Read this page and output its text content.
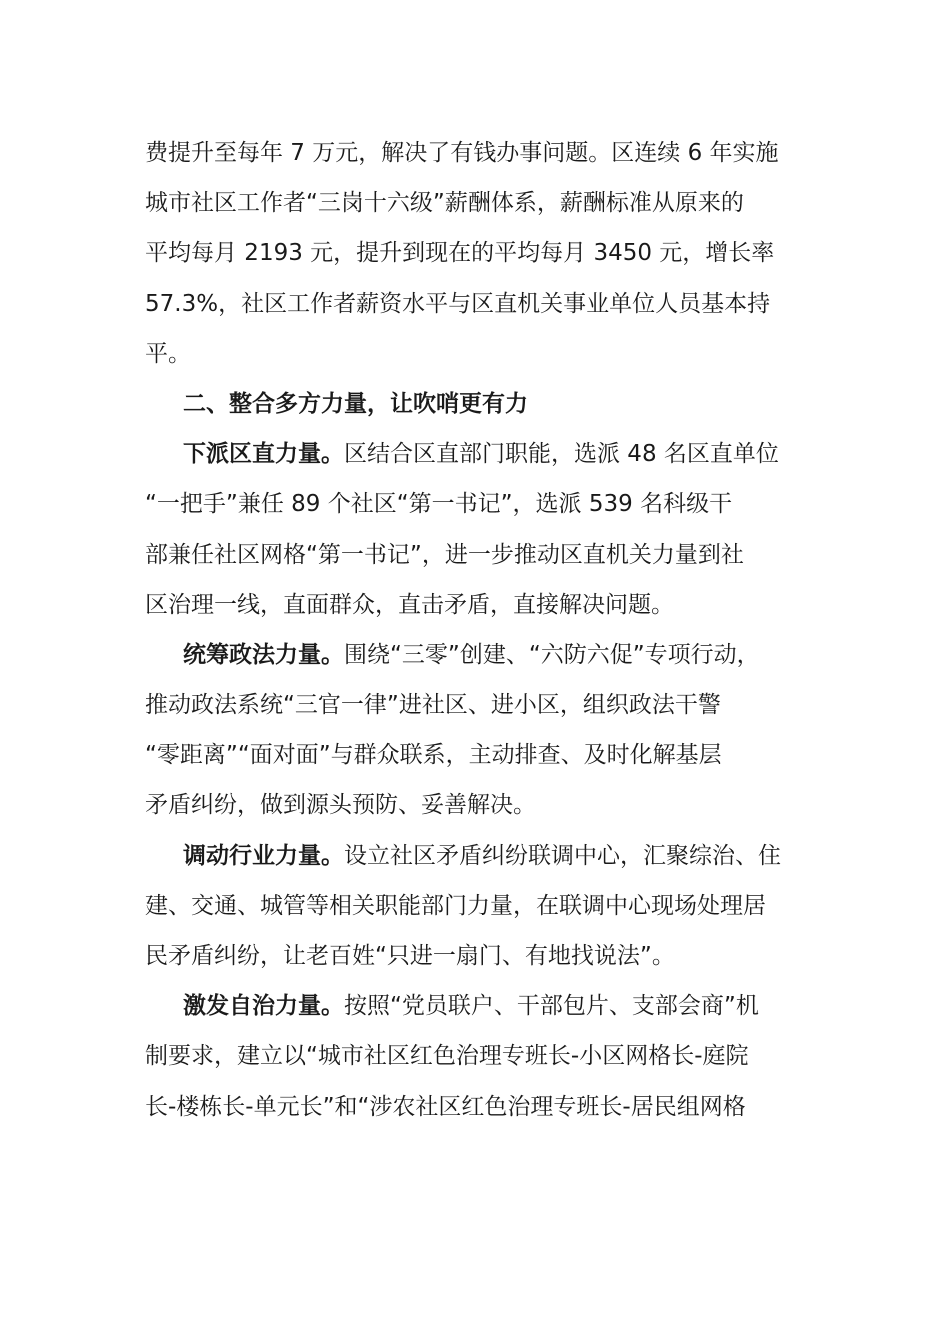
费提升至每年 7 万元，解决了有钱办事问题。区连续 6 年实施
城市社区工作者“三岗十六级”薪酬体系，薪酬标准从原来的
平均每月 2193 元，提升到现在的平均每月 3450 元，增长率
57.3%，社区工作者薪资水平与区直机关事业单位人员基本持
平。
二、整合多方力量，让吹哨更有力
下派区直力量。区结合区直部门职能，选派 48 名区直单位
“一把手”兼任 89 个社区“第一书记”，选派 539 名科级干
部兼任社区网格“第一书记”，进一步推动区直机关力量到社
区治理一线，直面群众，直击矛盾，直接解决问题。
统筹政法力量。围绕“三零”创建、“六防六促”专项行动，
推动政法系统“三官一律”进社区、进小区，组织政法干警
“零距离”“面对面”与群众联系，主动排查、及时化解基层
矛盾纠纷，做到源头预防、妥善解决。
调动行业力量。设立社区矛盾纠纷联调中心，汇聚综治、住
建、交通、城管等相关职能部门力量，在联调中心现场处理居
民矛盾纠纷，让老百姓“只进一扇门、有地找说法”。
激发自治力量。按照“党员联户、干部包片、支部会商”机
制要求，建立以“城市社区红色治理专班长-小区网格长-庭院
长-楼栋长-单元长”和“涉农社区红色治理专班长-居民组网格
